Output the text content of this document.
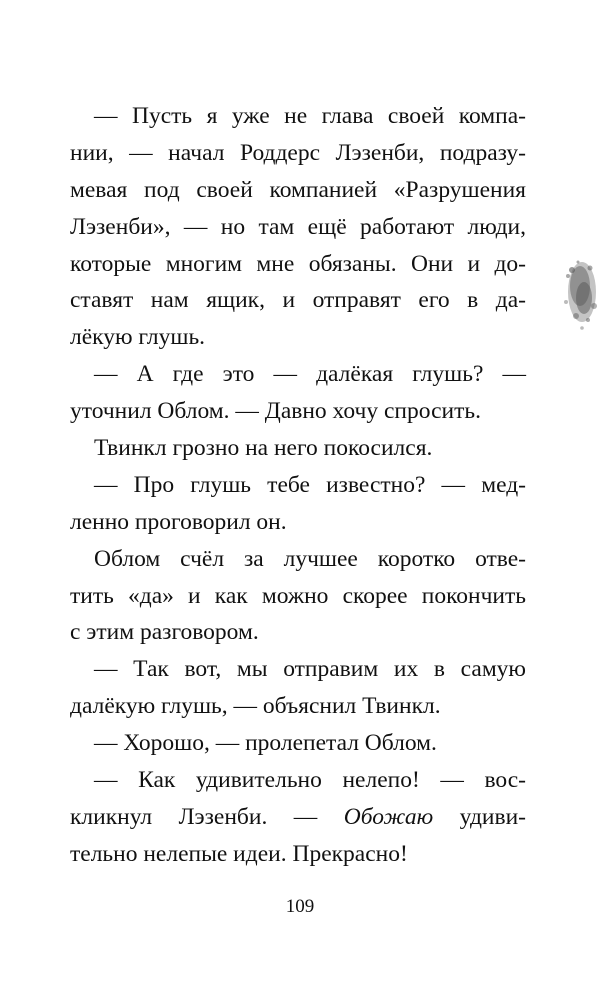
— Пусть я уже не глава своей компа-
нии, — начал Роддерс Лэзенби, подразу-
мевая под своей компанией «Разрушения
Лэзенби», — но там ещё работают люди,
которые многим мне обязаны. Они и до-
ставят нам ящик, и отправят его в да-
лёкую глушь.
— А где это — далёкая глушь? —
уточнил Облом. — Давно хочу спросить.
Твинкл грозно на него покосился.
— Про глушь тебе известно? — мед-
ленно проговорил он.
Облом счёл за лучшее коротко отве-
тить «да» и как можно скорее покончить
с этим разговором.
— Так вот, мы отправим их в самую
далёкую глушь, — объяснил Твинкл.
— Хорошо, — пролепетал Облом.
— Как удивительно нелепо! — вос-
кликнул Лэзенби. — Обожаю удиви-
тельно нелепые идеи. Прекрасно!
109
